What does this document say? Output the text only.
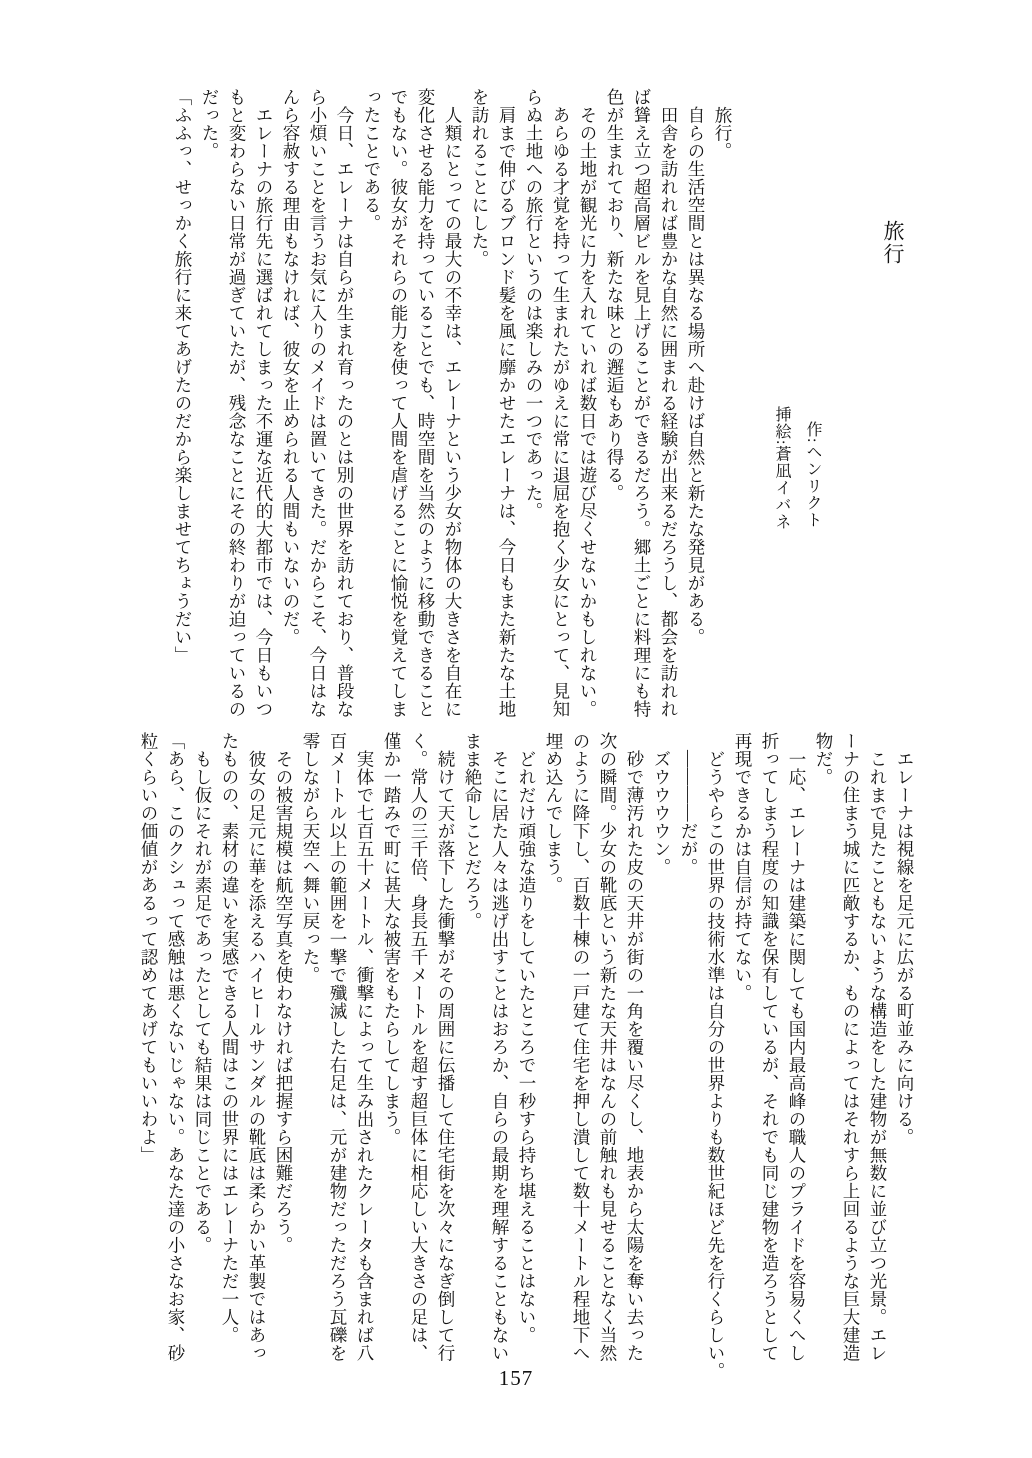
旅行
作:ヘンリクト
挿絵:蒼凪イバネ

　旅行。

　自らの生活空間とは異なる場所へ赴けば自然と新たな発見がある。

　田舎を訪れれば豊かな自然に囲まれる経験が出来るだろうし、都会を訪れれ

ば聳え立つ超高層ビルを見上げることができるだろう。郷土ごとに料理にも特

色が生まれており、新たな味との邂逅もあり得る。

　その土地が観光に力を入れていれば数日では遊び尽くせないかもしれない。

　あらゆる才覚を持って生まれたがゆえに常に退屈を抱く少女にとって、見知

らぬ土地への旅行というのは楽しみの一つであった。

　肩まで伸びるブロンド髪を風に靡かせたエレーナは、今日もまた新たな土地

を訪れることにした。

　人類にとっての最大の不幸は、エレーナという少女が物体の大きさを自在に

変化させる能力を持っていることでも、時空間を当然のように移動できること

でもない。彼女がそれらの能力を使って人間を虐げることに愉悦を覚えてしま

ったことである。

　今日、エレーナは自らが生まれ育ったのとは別の世界を訪れており、普段な

ら小煩いことを言うお気に入りのメイドは置いてきた。だからこそ、今日はな

んら容赦する理由もなければ、彼女を止められる人間もいないのだ。

　エレーナの旅行先に選ばれてしまった不運な近代的大都市では、今日もいつ

もと変わらない日常が過ぎていたが、残念なことにその終わりが迫っているの

だった。

「ふふっ、せっかく旅行に来てあげたのだから楽しませてちょうだい」

　エレーナは視線を足元に広がる町並みに向ける。

　これまで見たこともないような構造をした建物が無数に並び立つ光景。エレ

ーナの住まう城に匹敵するか、ものによってはそれすら上回るような巨大建造

物だ。

　一応、エレーナは建築に関しても国内最高峰の職人のプライドを容易くへし

折ってしまう程度の知識を保有しているが、それでも同じ建物を造ろうとして

再現できるかは自信が持てない。

　どうやらこの世界の技術水準は自分の世界よりも数世紀ほど先を行くらしい。

　――――だが。

　ズウウウウン。

　砂で薄汚れた皮の天井が街の一角を覆い尽くし、地表から太陽を奪い去った

次の瞬間。少女の靴底という新たな天井はなんの前触れも見せることなく当然

のように降下し、百数十棟の一戸建て住宅を押し潰して数十メートル程地下へ

埋め込んでしまう。

　どれだけ頑強な造りをしていたところで一秒すら持ち堪えることはない。

　そこに居た人々は逃げ出すことはおろか、自らの最期を理解することもない

まま絶命しことだろう。

　続けて天が落下した衝撃がその周囲に伝播して住宅街を次々になぎ倒して行

く。常人の三千倍、身長五千メートルを超す超巨体に相応しい大きさの足は、

僅か一踏みで町に甚大な被害をもたらしてしまう。

　実体で七百五十メートル、衝撃によって生み出されたクレータも含まれば八

百メートル以上の範囲を一撃で殲滅した右足は、元が建物だっただろう瓦礫を

零しながら天空へ舞い戻った。

　その被害規模は航空写真を使わなければ把握すら困難だろう。

　彼女の足元に華を添えるハイヒールサンダルの靴底は柔らかい革製ではあっ

たものの、素材の違いを実感できる人間はこの世界にはエレーナただ一人。

　もし仮にそれが素足であったとしても結果は同じことである。

「あら、このクシュって感触は悪くないじゃない。あなた達の小さなお家、砂

粒くらいの価値があるって認めてあげてもいいわよ」

157
